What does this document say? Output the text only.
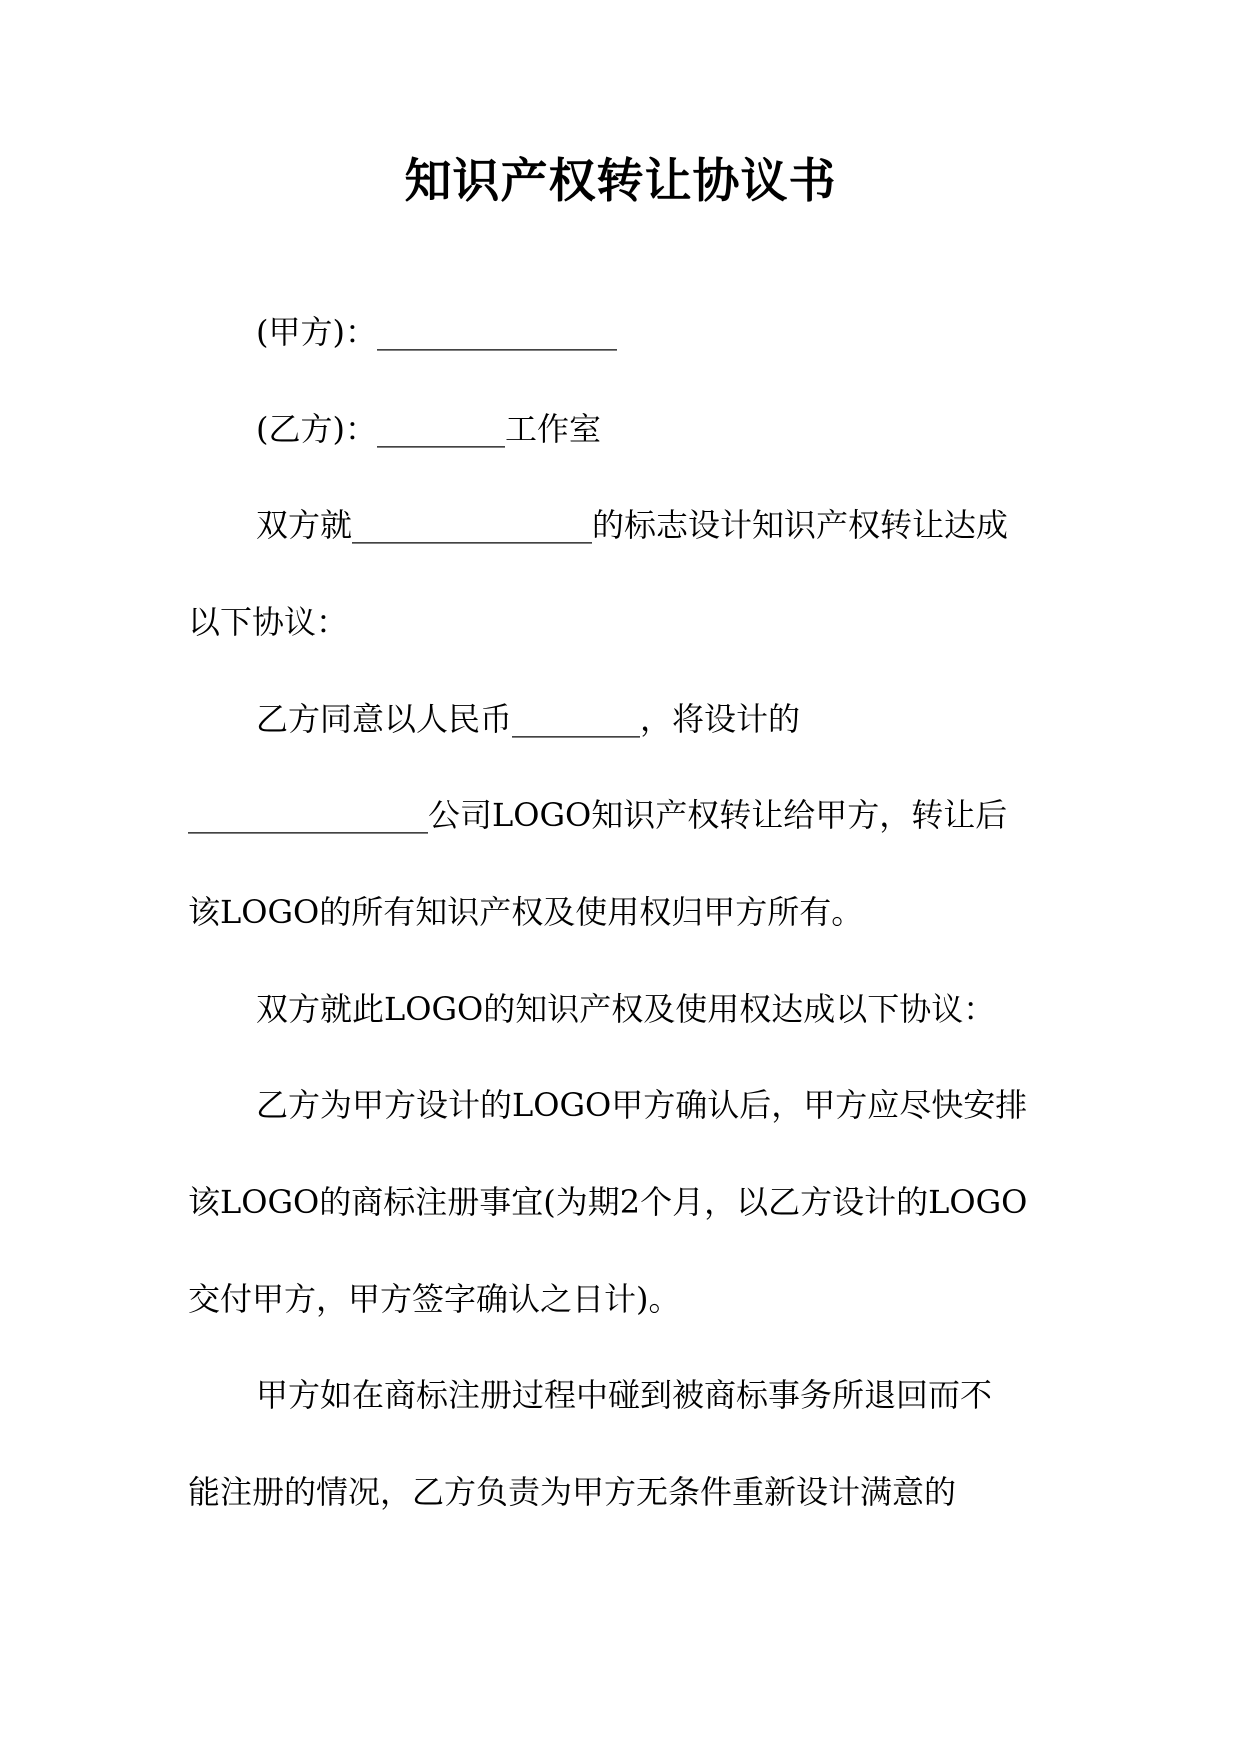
知识产权转让协议书
(甲方)：_______________
(乙方)：________工作室
双方就_______________的标志设计知识产权转让达成
以下协议：
乙方同意以人民币________，将设计的
_______________公司LOGO知识产权转让给甲方，转让后
该LOGO的所有知识产权及使用权归甲方所有。
双方就此LOGO的知识产权及使用权达成以下协议：
乙方为甲方设计的LOGO甲方确认后，甲方应尽快安排
该LOGO的商标注册事宜(为期2个月，以乙方设计的LOGO
交付甲方，甲方签字确认之日计)。
甲方如在商标注册过程中碰到被商标事务所退回而不
能注册的情况，乙方负责为甲方无条件重新设计满意的
